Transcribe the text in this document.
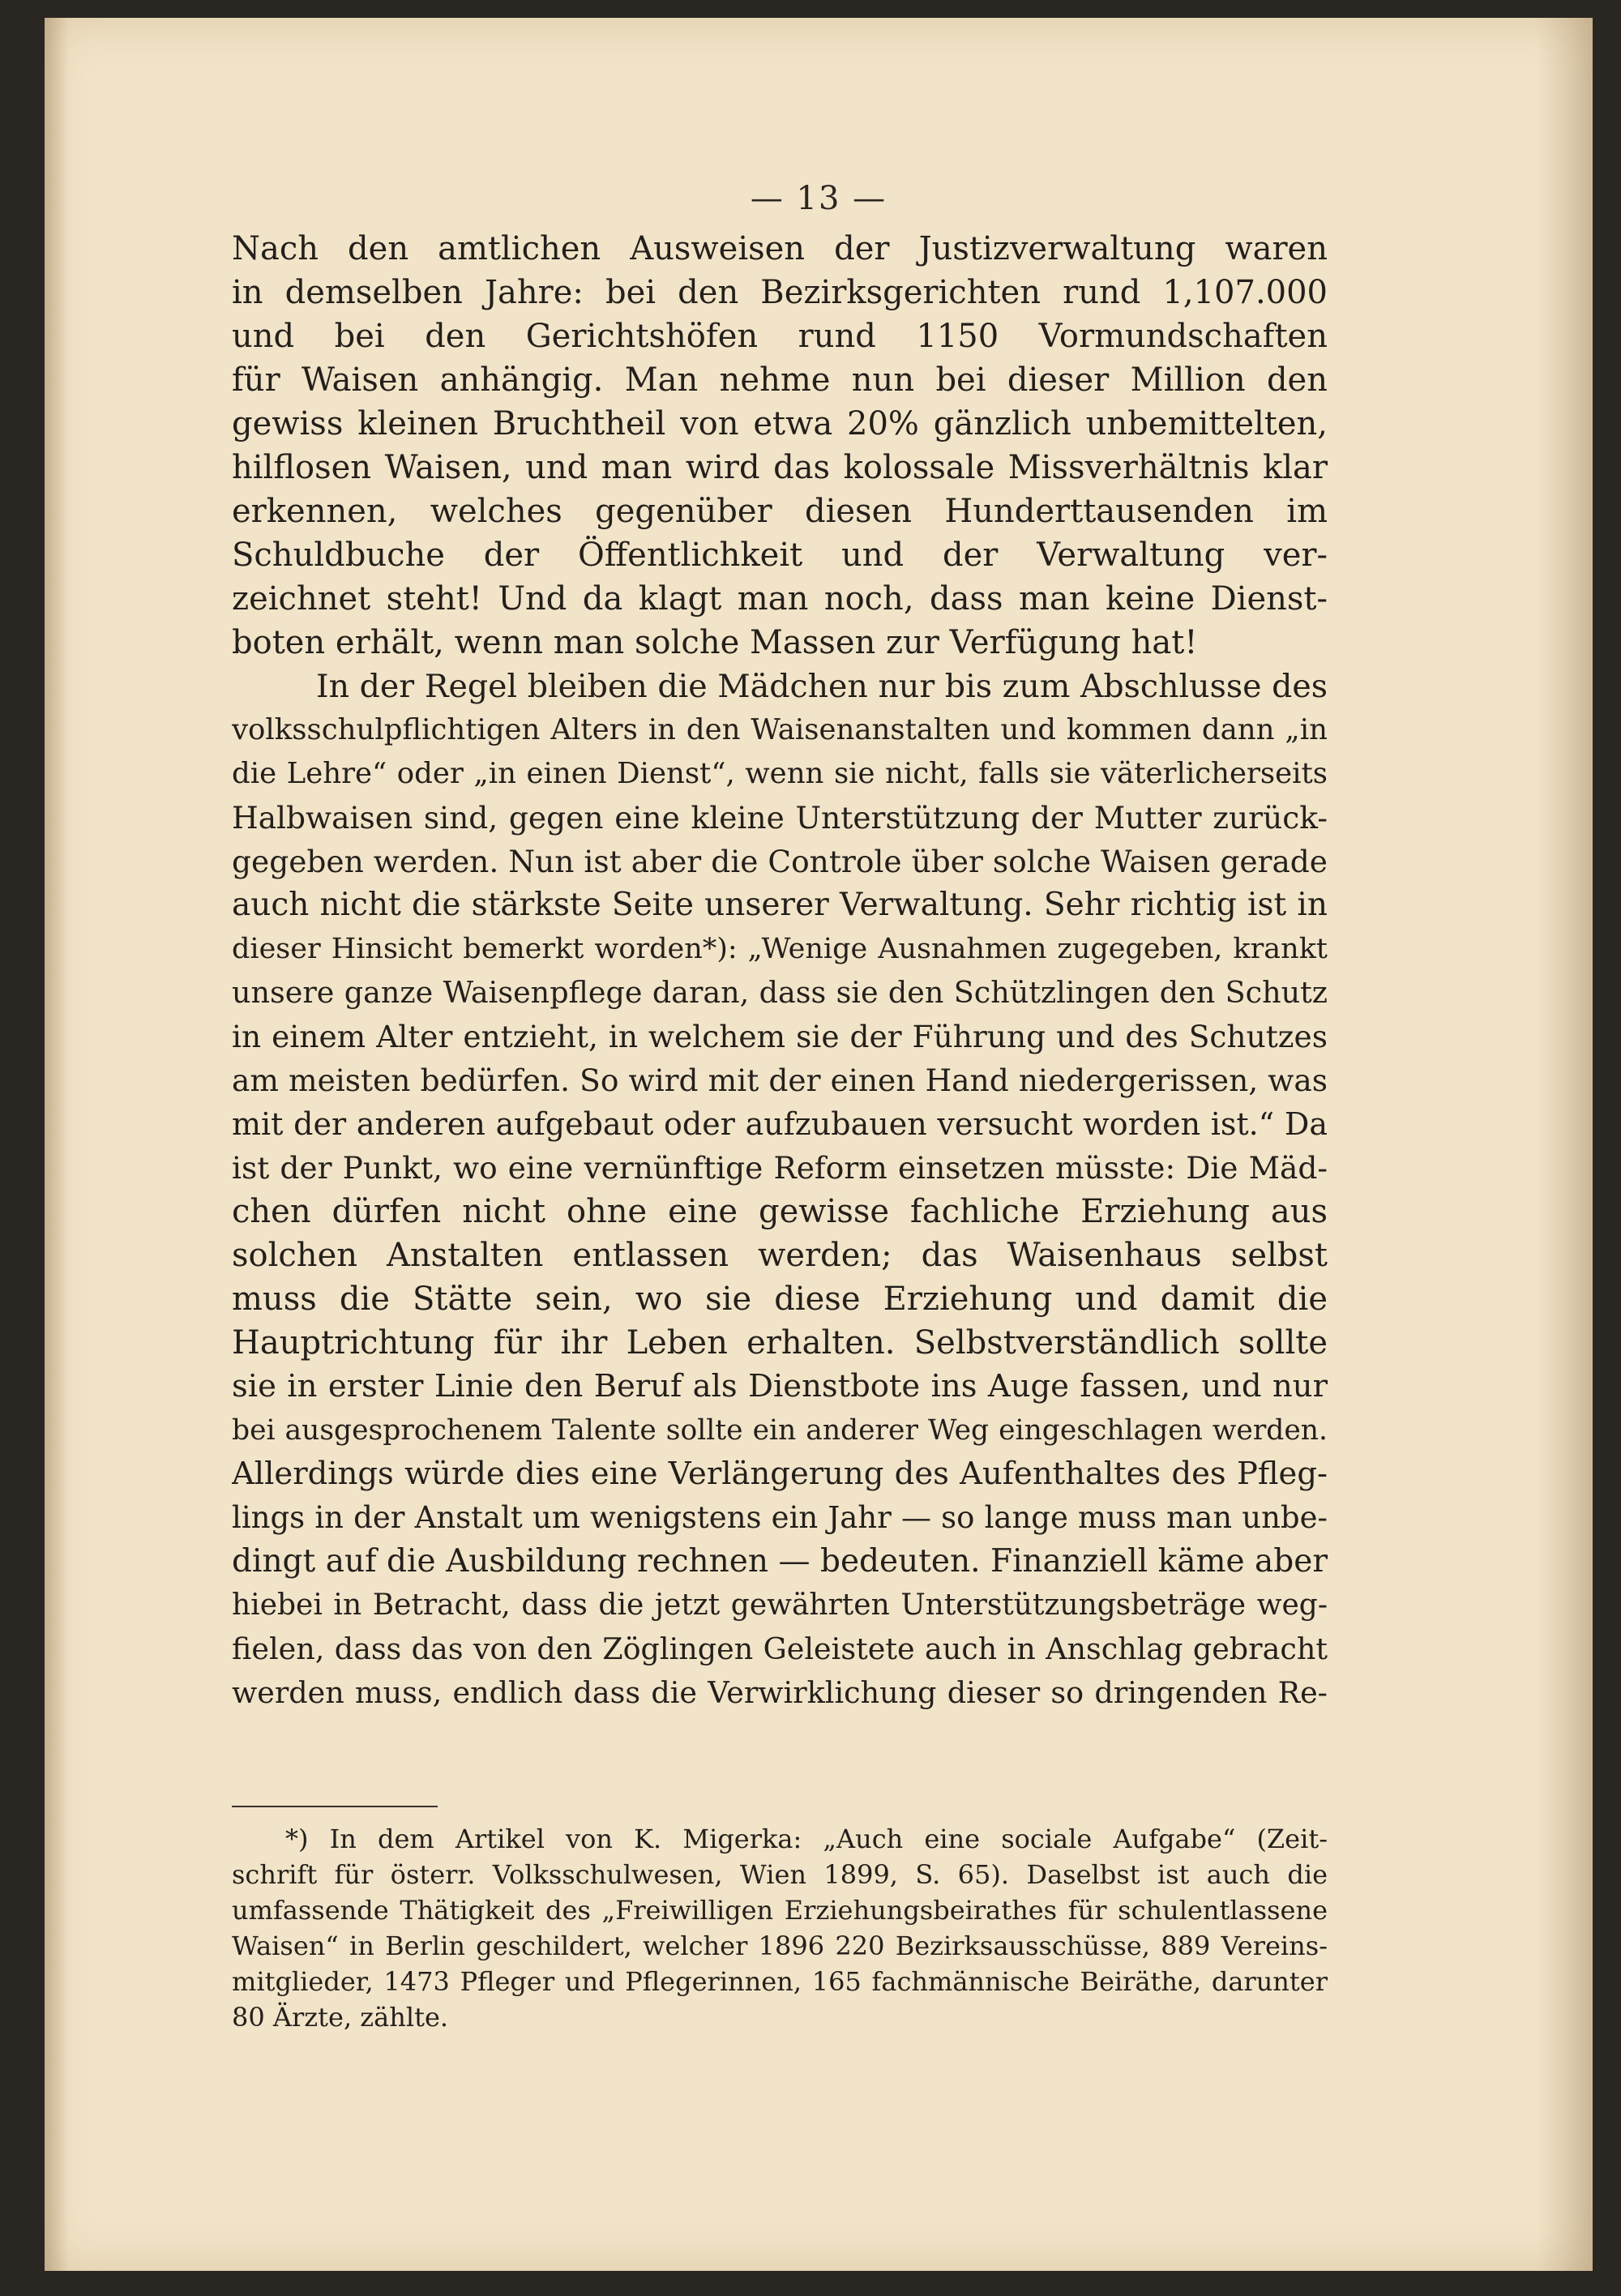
— 13 —
Nach den amtlichen Ausweisen der Justizverwaltung waren
in demselben Jahre: bei den Bezirksgerichten rund 1,107.000
und bei den Gerichtshöfen rund 1150 Vormundschaften
für Waisen anhängig. Man nehme nun bei dieser Million den
gewiss kleinen Bruchtheil von etwa 20% gänzlich unbemittelten,
hilflosen Waisen, und man wird das kolossale Missverhältnis klar
erkennen, welches gegenüber diesen Hunderttausenden im
Schuldbuche der Öffentlichkeit und der Verwaltung ver-
zeichnet steht! Und da klagt man noch, dass man keine Dienst-
boten erhält, wenn man solche Massen zur Verfügung hat!
In der Regel bleiben die Mädchen nur bis zum Abschlusse des
volksschulpflichtigen Alters in den Waisenanstalten und kommen dann „in
die Lehre“ oder „in einen Dienst“, wenn sie nicht, falls sie väterlicherseits
Halbwaisen sind, gegen eine kleine Unterstützung der Mutter zurück-
gegeben werden. Nun ist aber die Controle über solche Waisen gerade
auch nicht die stärkste Seite unserer Verwaltung. Sehr richtig ist in
dieser Hinsicht bemerkt worden*): „Wenige Ausnahmen zugegeben, krankt
unsere ganze Waisenpflege daran, dass sie den Schützlingen den Schutz
in einem Alter entzieht, in welchem sie der Führung und des Schutzes
am meisten bedürfen. So wird mit der einen Hand niedergerissen, was
mit der anderen aufgebaut oder aufzubauen versucht worden ist.“ Da
ist der Punkt, wo eine vernünftige Reform einsetzen müsste: Die Mäd-
chen dürfen nicht ohne eine gewisse fachliche Erziehung aus
solchen Anstalten entlassen werden; das Waisenhaus selbst
muss die Stätte sein, wo sie diese Erziehung und damit die
Hauptrichtung für ihr Leben erhalten. Selbstverständlich sollte
sie in erster Linie den Beruf als Dienstbote ins Auge fassen, und nur
bei ausgesprochenem Talente sollte ein anderer Weg eingeschlagen werden.
Allerdings würde dies eine Verlängerung des Aufenthaltes des Pfleg-
lings in der Anstalt um wenigstens ein Jahr — so lange muss man unbe-
dingt auf die Ausbildung rechnen — bedeuten. Finanziell käme aber
hiebei in Betracht, dass die jetzt gewährten Unterstützungsbeträge weg-
fielen, dass das von den Zöglingen Geleistete auch in Anschlag gebracht
werden muss, endlich dass die Verwirklichung dieser so dringenden Re-
*) In dem Artikel von K. Migerka: „Auch eine sociale Aufgabe“ (Zeit-
schrift für österr. Volksschulwesen, Wien 1899, S. 65). Daselbst ist auch die
umfassende Thätigkeit des „Freiwilligen Erziehungsbeirathes für schulentlassene
Waisen“ in Berlin geschildert, welcher 1896 220 Bezirksausschüsse, 889 Vereins-
mitglieder, 1473 Pfleger und Pflegerinnen, 165 fachmännische Beiräthe, darunter
80 Ärzte, zählte.
